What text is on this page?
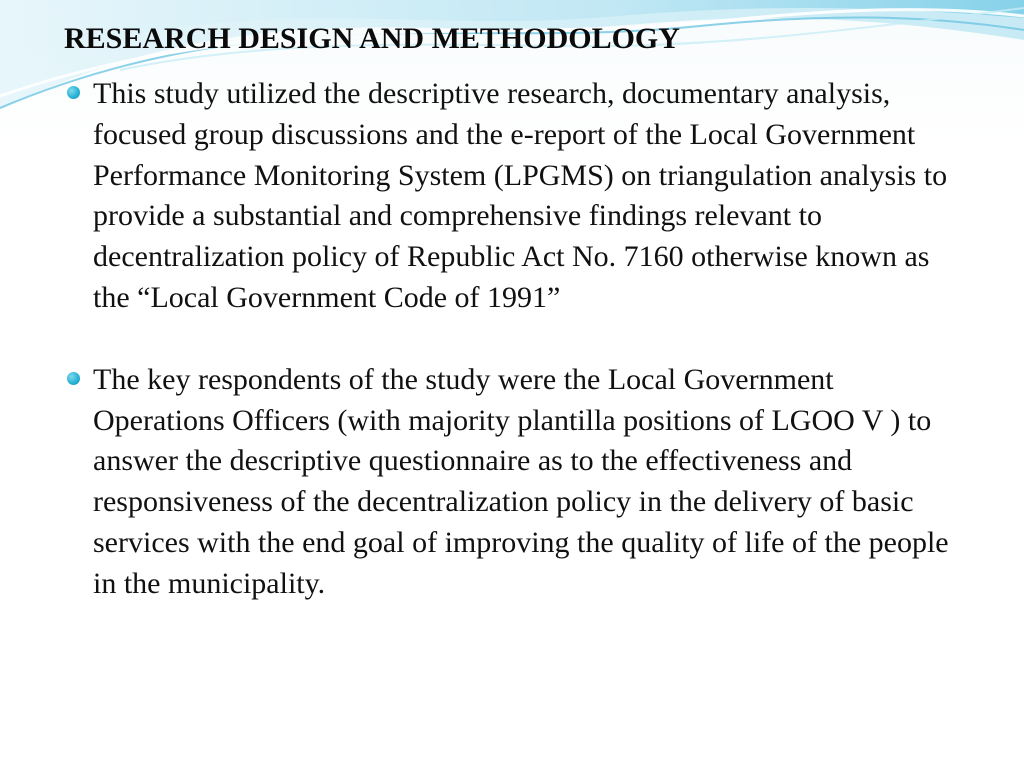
RESEARCH DESIGN AND METHODOLOGY
This study utilized the descriptive research, documentary analysis, focused group discussions and the e-report of the Local Government Performance Monitoring System (LPGMS) on triangulation analysis to provide a substantial and comprehensive findings relevant to decentralization policy of Republic Act No. 7160 otherwise known as the “Local Government Code of 1991”
The key respondents of the study were the Local Government Operations Officers (with majority plantilla positions of LGOO V ) to answer the descriptive questionnaire as to the effectiveness and responsiveness of the decentralization policy in the delivery of basic services with the end goal of improving the quality of life of the people in the municipality.
